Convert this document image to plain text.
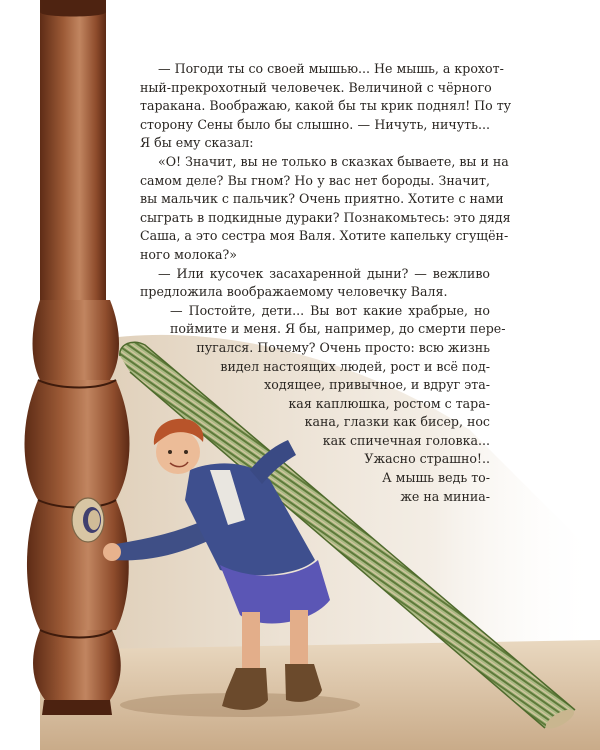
— Погоди ты со своей мышью... Не мышь, а крохот-
ный-прекрохотный человечек. Величиной с чёрного
таракана. Воображаю, какой бы ты крик поднял! По ту
сторону Сены было бы слышно. — Ничуть, ничуть...
Я бы ему сказал:
«О! Значит, вы не только в сказках бываете, вы и на
самом деле? Вы гном? Но у вас нет бороды. Значит,
вы мальчик с пальчик? Очень приятно. Хотите с нами
сыграть в подкидные дураки? Познакомьтесь: это дядя
Саша, а это сестра моя Валя. Хотите капельку сгущён-
ного молока?»
— Или кусочек засахаренной дыни? — вежливо
предложила воображаемому человечку Валя.
— Постойте, дети... Вы вот какие храбрые, но
поймите и меня. Я бы, например, до смерти пере-
пугался. Почему? Очень просто: всю жизнь
видел настоящих людей, рост и всё под-
ходящее, привычное, и вдруг эта-
кая каплюшка, ростом с тара-
кана, глазки как бисер, нос
как спичечная головка...
Ужасно страшно!..
А мышь ведь то-
же на миниа-
